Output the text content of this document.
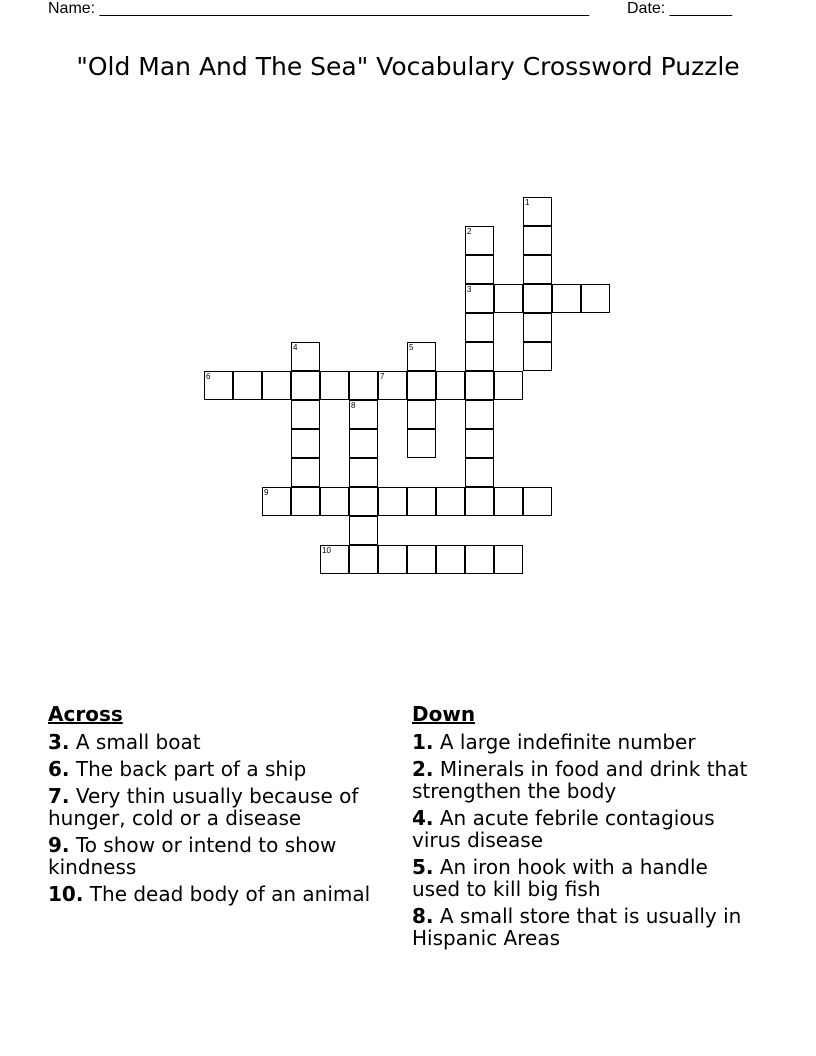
Name: _______________________________________________________ Date: _______
"Old Man And The Sea" Vocabulary Crossword Puzzle
1
2
3
4	5
6	7
8
9
10
Across
3. A small boat
6. The back part of a ship
7. Very thin usually because of hunger, cold or a disease
9. To show or intend to show kindness
10. The dead body of an animal
Down
1. A large indefinite number
2. Minerals in food and drink that strengthen the body
4. An acute febrile contagious virus disease
5. An iron hook with a handle used to kill big fish
8. A small store that is usually in Hispanic Areas
